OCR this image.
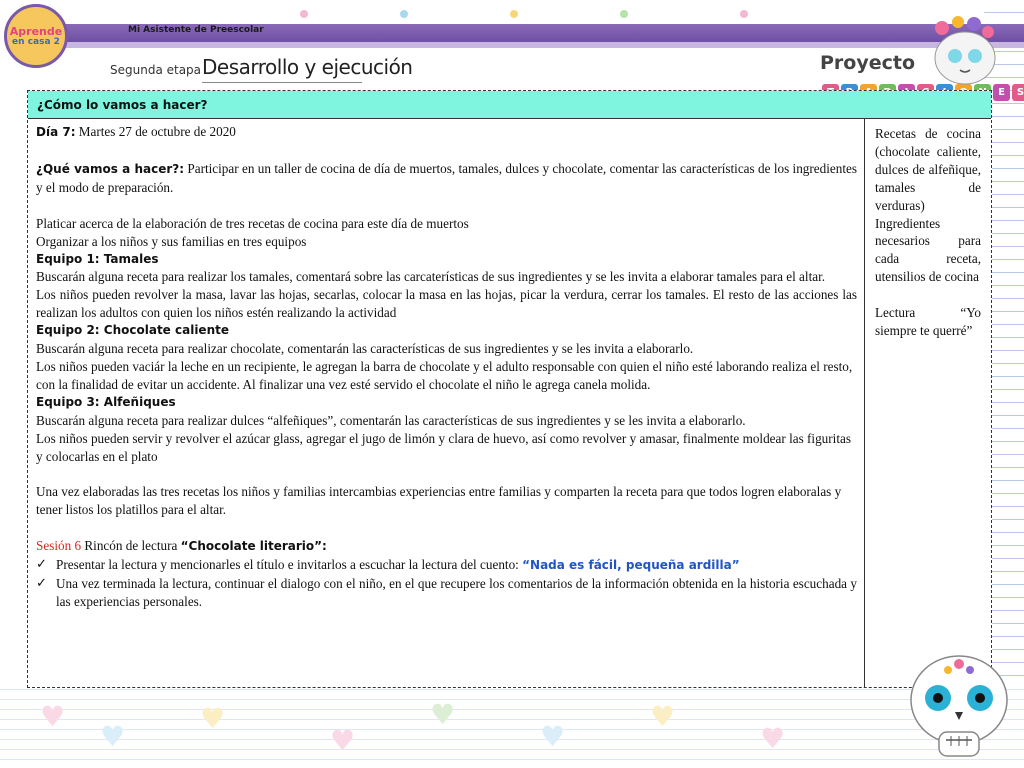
Aprende
en casa 2
Mi Asistente de Preescolar
Segunda etapa Desarrollo y ejecución	Proyecto
E	S
¿Cómo lo vamos a hacer?

Día 7: Martes 27 de octubre de 2020

¿Qué vamos a hacer?: Participar en un taller de cocina de día de muertos, tamales, dulces y chocolate, comentar las características de los ingredientes y el modo de preparación.

Platicar acerca de la elaboración de tres recetas de cocina para este día de muertos

Organizar a los niños y sus familias en tres equipos

Equipo 1: Tamales

Buscarán alguna receta para realizar los tamales, comentará sobre las carcaterísticas de sus ingredientes y se les invita a elaborar tamales para el altar.

Los niños pueden revolver la masa, lavar las hojas, secarlas, colocar la masa en las hojas, picar la verdura, cerrar los tamales. El resto de las acciones las realizan los adultos con quien los niños estén realizando la actividad

Equipo 2: Chocolate caliente

Buscarán alguna receta para realizar chocolate, comentarán las características de sus ingredientes y se les invita a elaborarlo.

Los niños pueden vaciár la leche en un recipiente, le agregan la barra de chocolate y el adulto responsable con quien el niño esté laborando realiza el resto, con la finalidad de evitar un accidente. Al finalizar una vez esté servido el chocolate el niño le agrega canela molida.

Equipo 3: Alfeñiques

Buscarán alguna receta para realizar dulces “alfeñiques”, comentarán las características de sus ingredientes y se les invita a elaborarlo.

Los niños pueden servir y revolver el azúcar glass, agregar el jugo de limón y clara de huevo, así como revolver y amasar, finalmente moldear las figuritas y colocarlas en el plato

Una vez elaboradas las tres recetas los niños y familias intercambias experiencias entre familias y comparten la receta para que todos logren elaboralas y tener listos los platillos para el altar.

Sesión 6 Rincón de lectura “Chocolate literario”:

✓ Presentar la lectura y mencionarles el título e invitarlos a escuchar la lectura del cuento: “Nada es fácil, pequeña ardilla”
✓ Una vez terminada la lectura, continuar el dialogo con el niño, en el que recupere los comentarios de la información obtenida en la historia escuchada y las experiencias personales.

Recetas de cocina (chocolate caliente, dulces de alfeñique, tamales de verduras) Ingredientes necesarios para cada receta, utensilios de cocina

Lectura “Yo siempre te querré”

♥
♥
♥
♥
♥
♥
♥
♥
